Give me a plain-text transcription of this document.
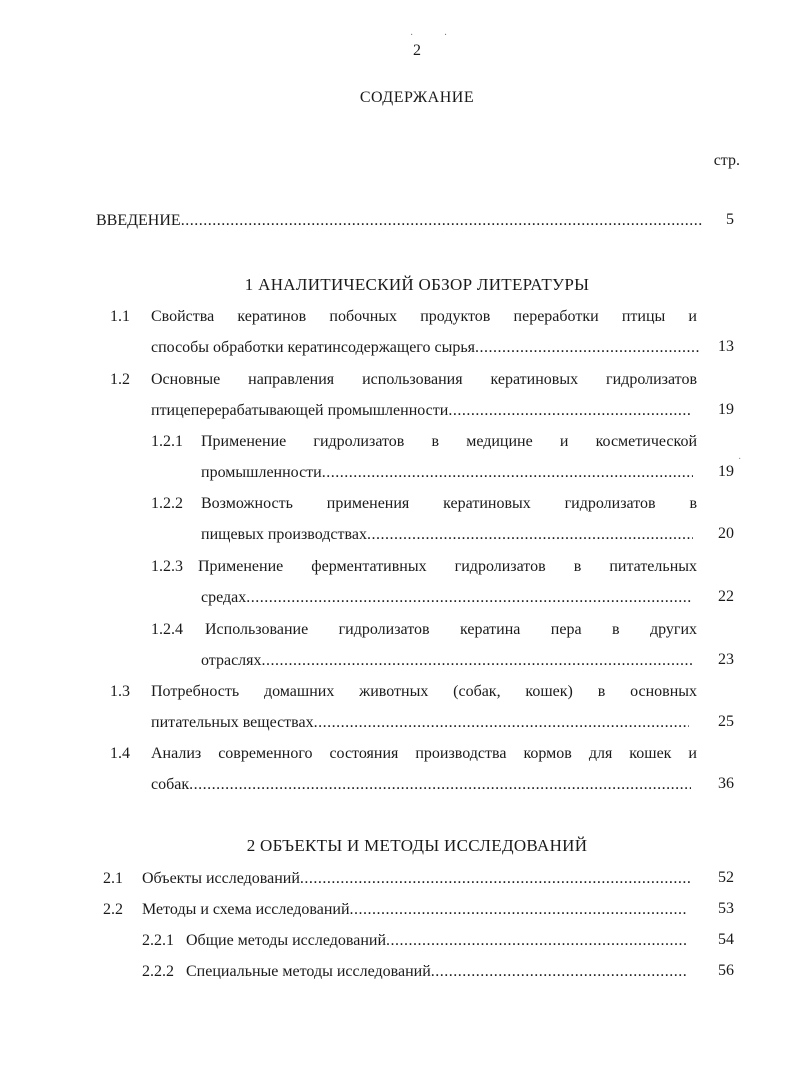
· ·
·
2
СОДЕРЖАНИЕ
стр.
ВВЕДЕНИЕ .....	5
1 АНАЛИТИЧЕСКИЙ ОБЗОР ЛИТЕРАТУРЫ
1.1 Свойства кератинов побочных продуктов переработки птицы и
способы обработки кератинсодержащего сырья .....	13
1.2 Основные направления использования кератиновых гидролизатов
птицеперерабатывающей промышленности .....	19
1.2.1 Применение гидролизатов в медицине и косметической
промышленности .....	19
1.2.2 Возможность применения кератиновых гидролизатов в
пищевых производствах .....	20
1.2.3 Применение ферментативных гидролизатов в питательных
средах .....	22
1.2.4 Использование гидролизатов кератина пера в других
отраслях .....	23
1.3 Потребность домашних животных (собак, кошек) в основных
питательных веществах .....	25
1.4 Анализ современного состояния производства кормов для кошек и
собак .....	36
2 ОБЪЕКТЫ И МЕТОДЫ ИССЛЕДОВАНИЙ
2.1 Объекты исследований .....	52
2.2 Методы и схема исследований .....	53
2.2.1 Общие методы исследований .....	54
2.2.2 Специальные методы исследований .....	56
